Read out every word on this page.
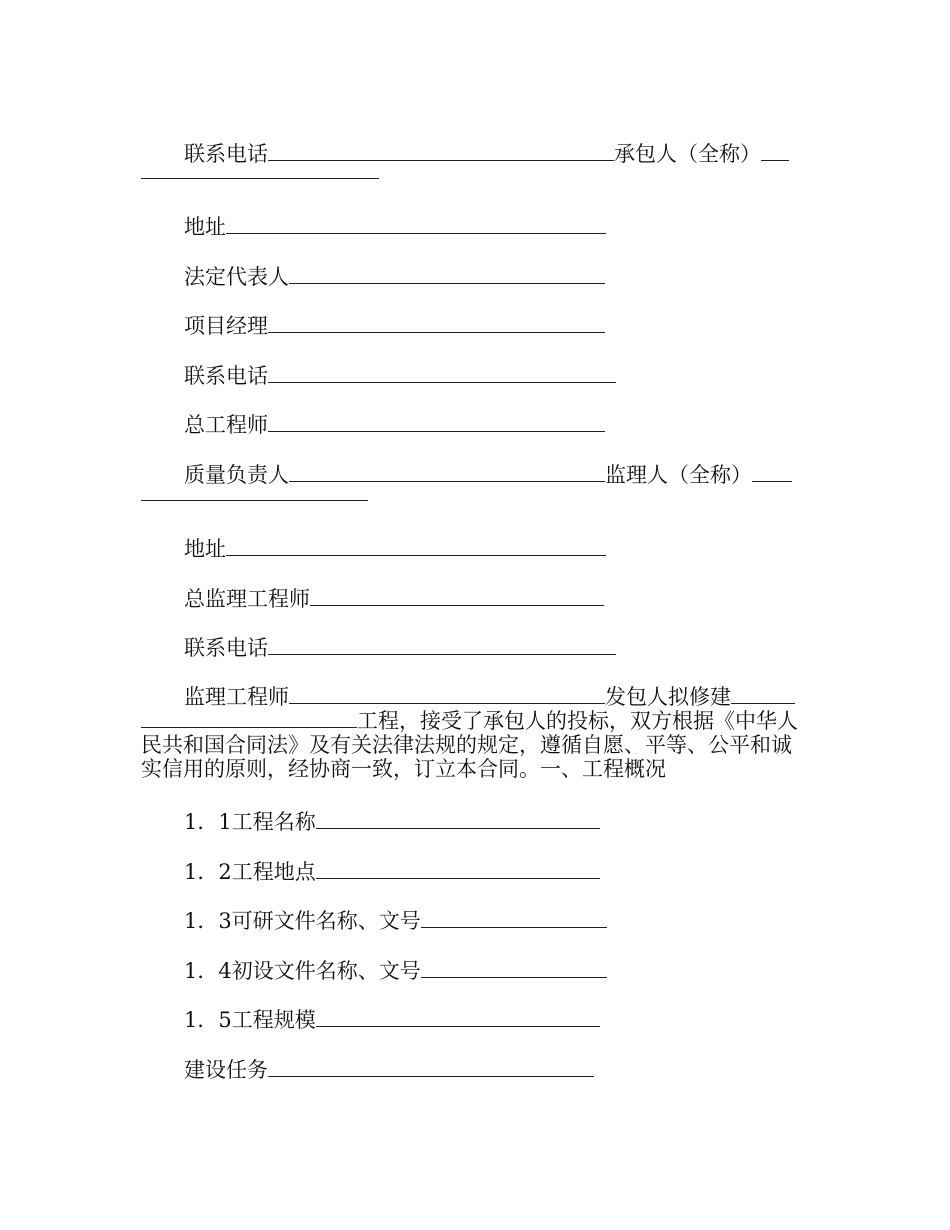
联系电话	承包人（全称）
地址
法定代表人
项目经理
联系电话
总工程师
质量负责人	监理人（全称）
地址
总监理工程师
联系电话
监理工程师	发包人拟修建
工程，接受了承包人的投标，双方根据《中华人民共和国合同法》及有关法律法规的规定，遵循自愿、平等、公平和诚实信用的原则，经协商一致，订立本合同。一、工程概况
1．1工程名称
1．2工程地点
1．3可研文件名称、文号
1．4初设文件名称、文号
1．5工程规模
建设任务
